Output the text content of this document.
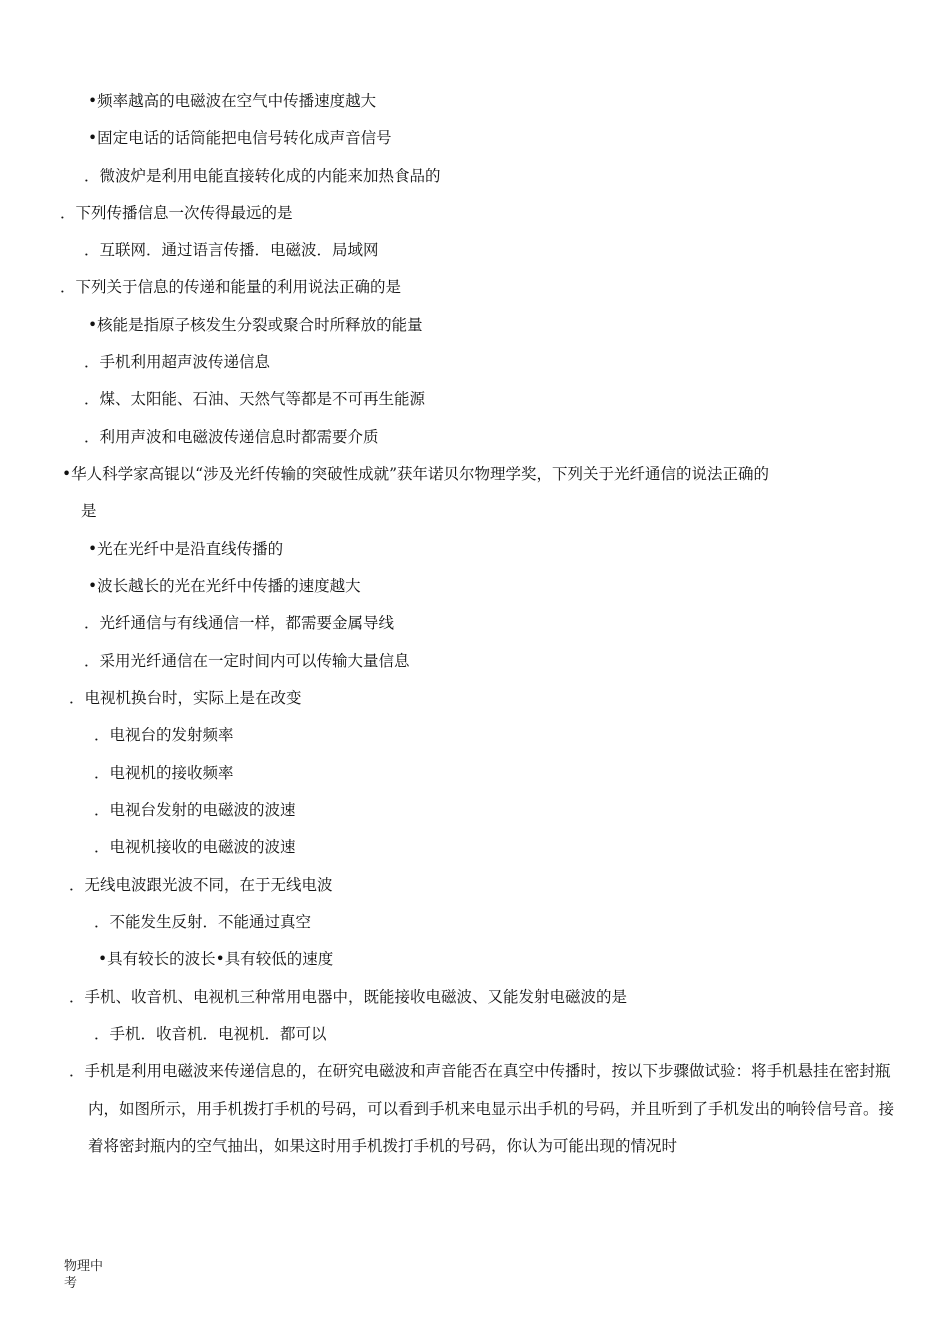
•频率越高的电磁波在空气中传播速度越大
•固定电话的话筒能把电信号转化成声音信号
．微波炉是利用电能直接转化成的内能来加热食品的
．下列传播信息一次传得最远的是
．互联网．通过语言传播．电磁波．局域网
．下列关于信息的传递和能量的利用说法正确的是
•核能是指原子核发生分裂或聚合时所释放的能量
．手机利用超声波传递信息
．煤、太阳能、石油、天然气等都是不可再生能源
．利用声波和电磁波传递信息时都需要介质
•华人科学家高锟以“涉及光纤传输的突破性成就”获年诺贝尔物理学奖，下列关于光纤通信的说法正确的
是
•光在光纤中是沿直线传播的
•波长越长的光在光纤中传播的速度越大
．光纤通信与有线通信一样，都需要金属导线
．采用光纤通信在一定时间内可以传输大量信息
．电视机换台时，实际上是在改变
．电视台的发射频率
．电视机的接收频率
．电视台发射的电磁波的波速
．电视机接收的电磁波的波速
．无线电波跟光波不同，在于无线电波
．不能发生反射．不能通过真空
•具有较长的波长•具有较低的速度
．手机、收音机、电视机三种常用电器中，既能接收电磁波、又能发射电磁波的是
．手机．收音机．电视机．都可以
．手机是利用电磁波来传递信息的，在研究电磁波和声音能否在真空中传播时，按以下步骤做试验：将手机悬挂在密封瓶内，如图所示，用手机拨打手机的号码，可以看到手机来电显示出手机的号码，并且听到了手机发出的响铃信号音。接着将密封瓶内的空气抽出，如果这时用手机拨打手机的号码，你认为可能出现的情况时
物理中考
